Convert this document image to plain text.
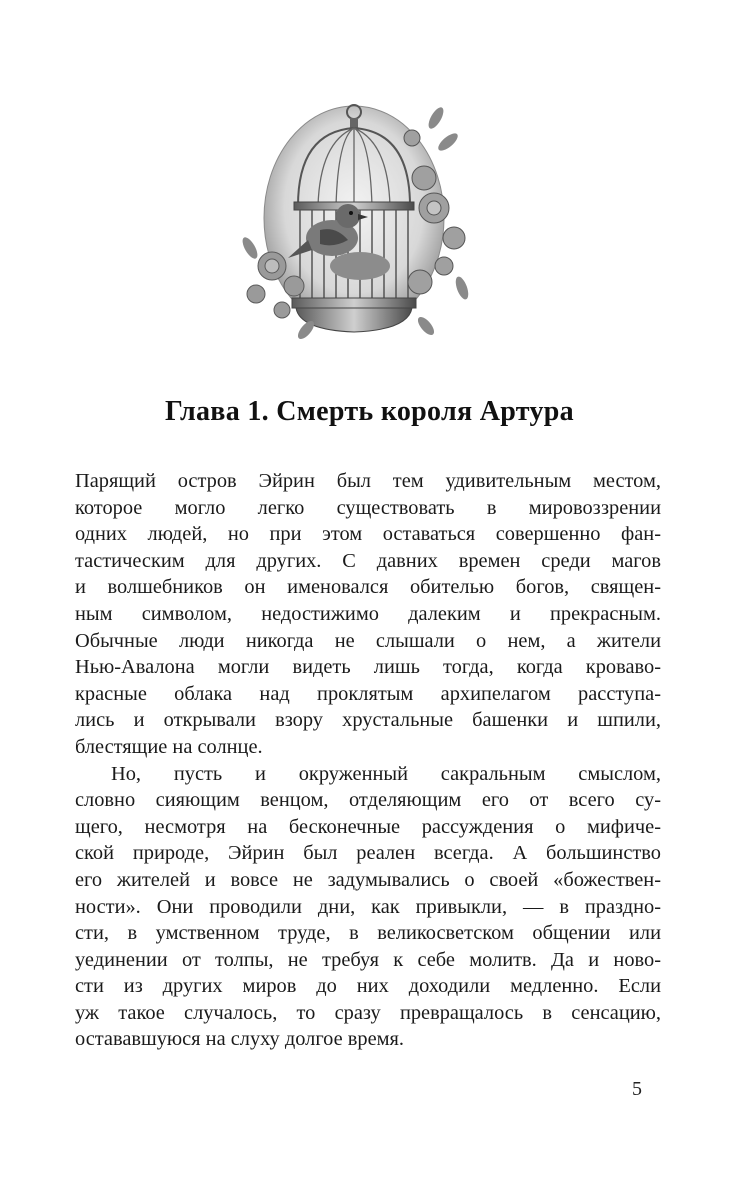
Глава 1. Смерть короля Артура
Парящий остров Эйрин был тем удивительным местом,
которое могло легко существовать в мировоззрении
одних людей, но при этом оставаться совершенно фан-
тастическим для других. С давних времен среди магов
и волшебников он именовался обителью богов, священ-
ным символом, недостижимо далеким и прекрасным.
Обычные люди никогда не слышали о нем, а жители
Нью-Авалона могли видеть лишь тогда, когда кроваво-
красные облака над проклятым архипелагом расступа-
лись и открывали взору хрустальные башенки и шпили,
блестящие на солнце.
Но, пусть и окруженный сакральным смыслом,
словно сияющим венцом, отделяющим его от всего су-
щего, несмотря на бесконечные рассуждения о мифиче-
ской природе, Эйрин был реален всегда. А большинство
его жителей и вовсе не задумывались о своей «божествен-
ности». Они проводили дни, как привыкли, — в праздно-
сти, в умственном труде, в великосветском общении или
уединении от толпы, не требуя к себе молитв. Да и ново-
сти из других миров до них доходили медленно. Если
уж такое случалось, то сразу превращалось в сенсацию,
остававшуюся на слуху долгое время.
5
